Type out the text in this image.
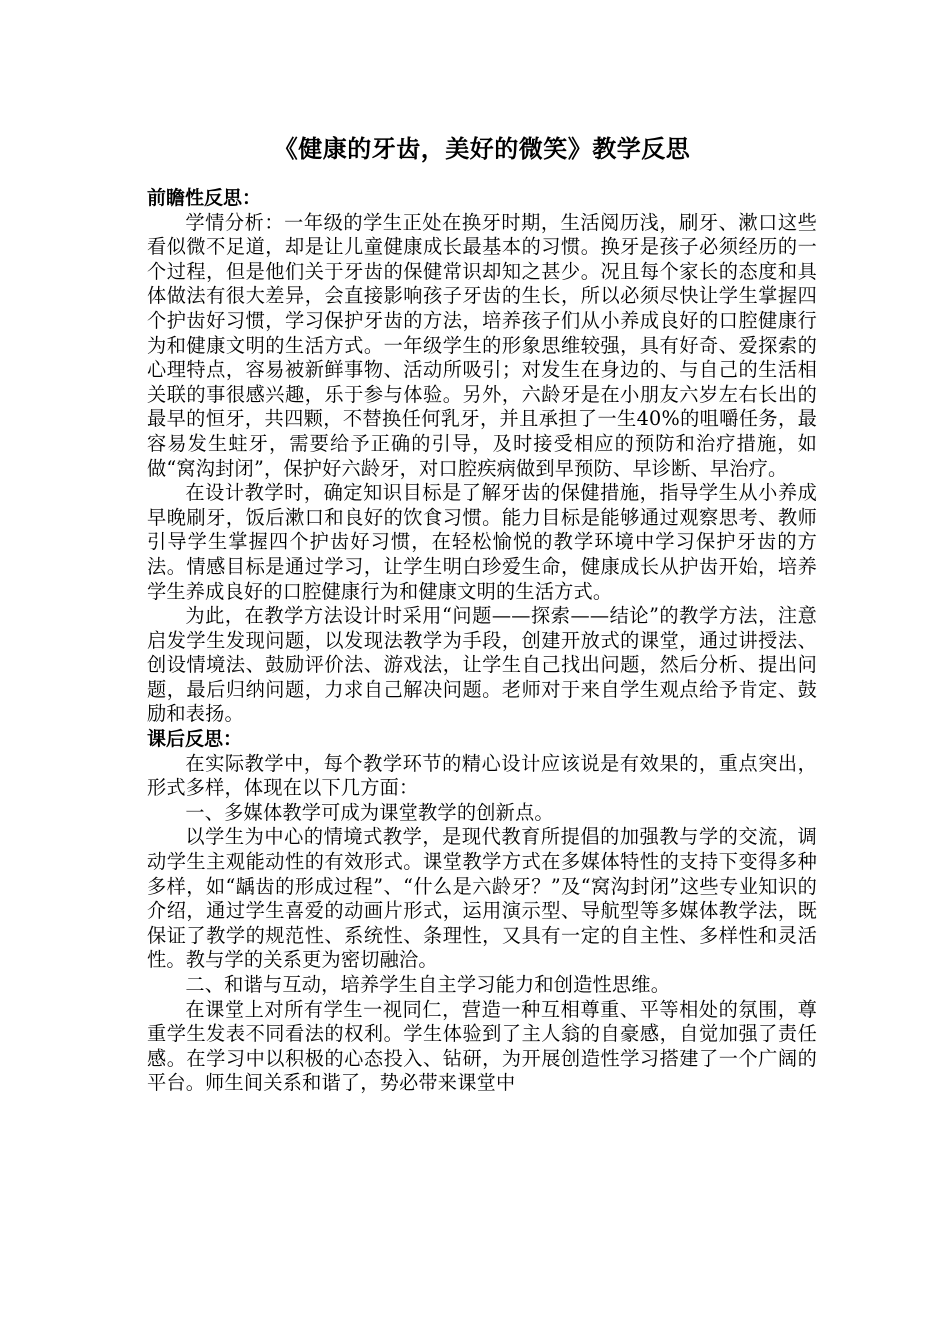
《健康的牙齿，美好的微笑》教学反思

前瞻性反思：

学情分析：一年级的学生正处在换牙时期，生活阅历浅，刷牙、漱口这些看似微不足道，却是让儿童健康成长最基本的习惯。换牙是孩子必须经历的一个过程，但是他们关于牙齿的保健常识却知之甚少。况且每个家长的态度和具体做法有很大差异，会直接影响孩子牙齿的生长，所以必须尽快让学生掌握四个护齿好习惯，学习保护牙齿的方法，培养孩子们从小养成良好的口腔健康行为和健康文明的生活方式。一年级学生的形象思维较强，具有好奇、爱探索的心理特点，容易被新鲜事物、活动所吸引；对发生在身边的、与自己的生活相关联的事很感兴趣，乐于参与体验。另外，六龄牙是在小朋友六岁左右长出的最早的恒牙，共四颗，不替换任何乳牙，并且承担了一生40%的咀嚼任务，最容易发生蛀牙，需要给予正确的引导，及时接受相应的预防和治疗措施，如做“窝沟封闭”，保护好六龄牙，对口腔疾病做到早预防、早诊断、早治疗。

在设计教学时，确定知识目标是了解牙齿的保健措施，指导学生从小养成早晚刷牙，饭后漱口和良好的饮食习惯。能力目标是能够通过观察思考、教师引导学生掌握四个护齿好习惯，在轻松愉悦的教学环境中学习保护牙齿的方法。情感目标是通过学习，让学生明白珍爱生命，健康成长从护齿开始，培养学生养成良好的口腔健康行为和健康文明的生活方式。

为此，在教学方法设计时采用“问题——探索——结论”的教学方法，注意启发学生发现问题，以发现法教学为手段，创建开放式的课堂，通过讲授法、创设情境法、鼓励评价法、游戏法，让学生自己找出问题，然后分析、提出问题，最后归纳问题，力求自己解决问题。老师对于来自学生观点给予肯定、鼓励和表扬。

课后反思：

在实际教学中，每个教学环节的精心设计应该说是有效果的，重点突出，形式多样，体现在以下几方面：

一、多媒体教学可成为课堂教学的创新点。

以学生为中心的情境式教学，是现代教育所提倡的加强教与学的交流，调动学生主观能动性的有效形式。课堂教学方式在多媒体特性的支持下变得多种多样，如“龋齿的形成过程”、“什么是六龄牙？”及“窝沟封闭”这些专业知识的介绍，通过学生喜爱的动画片形式，运用演示型、导航型等多媒体教学法，既保证了教学的规范性、系统性、条理性，又具有一定的自主性、多样性和灵活性。教与学的关系更为密切融洽。

二、和谐与互动，培养学生自主学习能力和创造性思维。

在课堂上对所有学生一视同仁，营造一种互相尊重、平等相处的氛围，尊重学生发表不同看法的权利。学生体验到了主人翁的自豪感，自觉加强了责任感。在学习中以积极的心态投入、钻研，为开展创造性学习搭建了一个广阔的平台。师生间关系和谐了，势必带来课堂中
